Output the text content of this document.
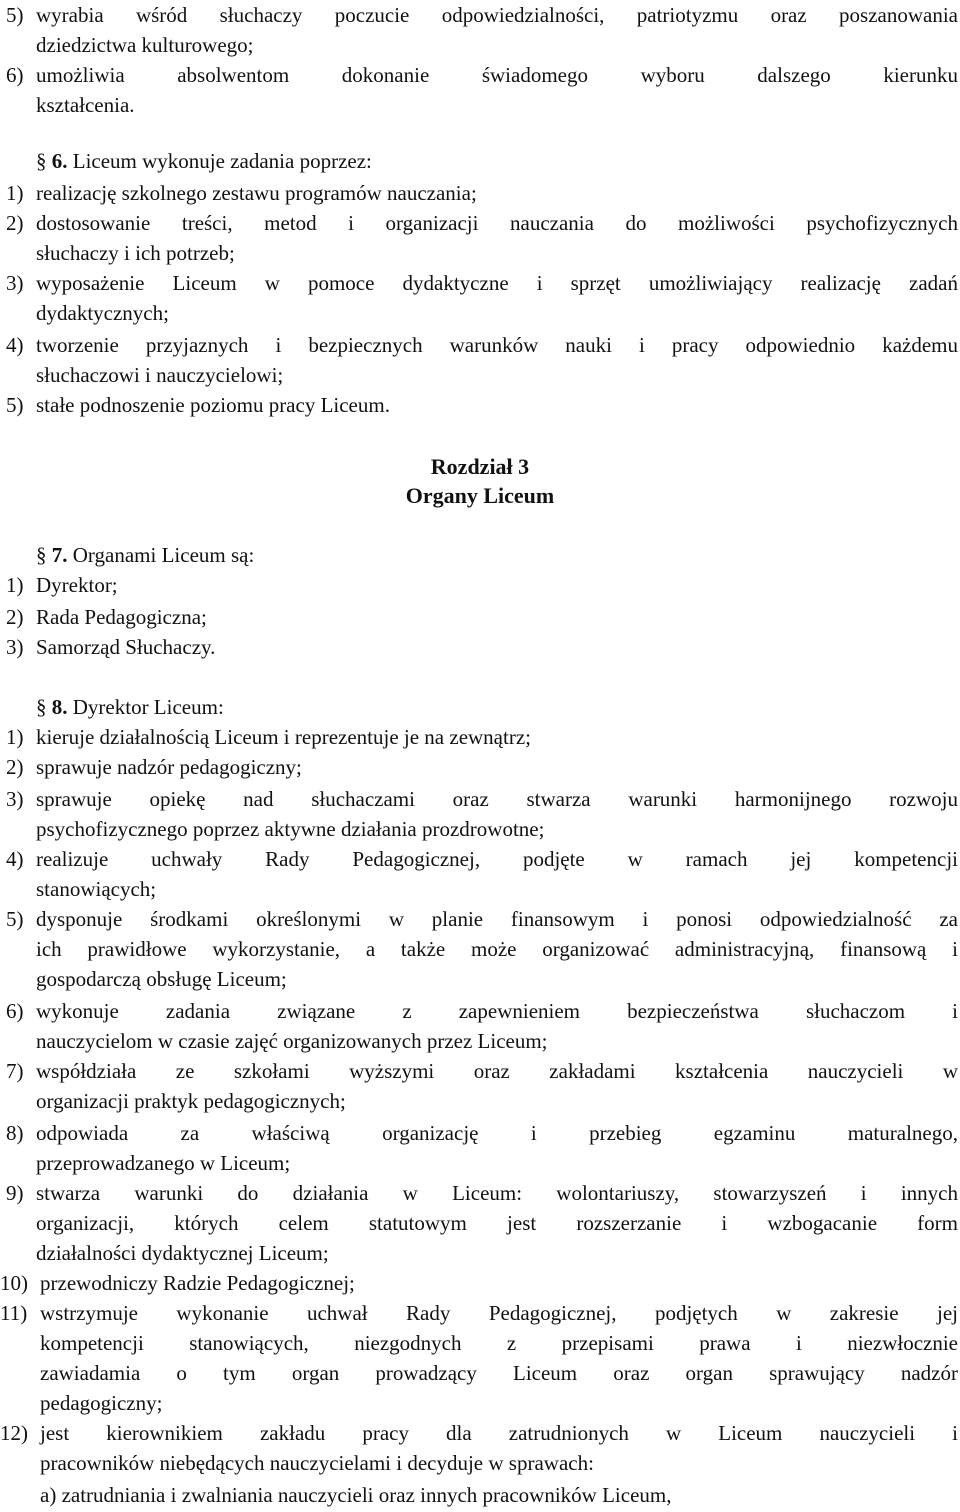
5) wyrabia wśród słuchaczy poczucie odpowiedzialności, patriotyzmu oraz poszanowania
dziedzictwa kulturowego;
6) umożliwia absolwentom dokonanie świadomego wyboru dalszego kierunku
kształcenia.
§ 6. Liceum wykonuje zadania poprzez:
1) realizację szkolnego zestawu programów nauczania;
2) dostosowanie treści, metod i organizacji nauczania do możliwości psychofizycznych
słuchaczy i ich potrzeb;
3) wyposażenie Liceum w pomoce dydaktyczne i sprzęt umożliwiający realizację zadań
dydaktycznych;
4) tworzenie przyjaznych i bezpiecznych warunków nauki i pracy odpowiednio każdemu
słuchaczowi i nauczycielowi;
5) stałe podnoszenie poziomu pracy Liceum.
Rozdział 3
Organy Liceum
§ 7. Organami Liceum są:
1) Dyrektor;
2) Rada Pedagogiczna;
3) Samorząd Słuchaczy.
§ 8. Dyrektor Liceum:
1) kieruje działalnością Liceum i reprezentuje je na zewnątrz;
2) sprawuje nadzór pedagogiczny;
3) sprawuje opiekę nad słuchaczami oraz stwarza warunki harmonijnego rozwoju
psychofizycznego poprzez aktywne działania prozdrowotne;
4) realizuje uchwały Rady Pedagogicznej, podjęte w ramach jej kompetencji
stanowiących;
5) dysponuje środkami określonymi w planie finansowym i ponosi odpowiedzialność za
ich prawidłowe wykorzystanie, a także może organizować administracyjną, finansową i
gospodarczą obsługę Liceum;
6) wykonuje zadania związane z zapewnieniem bezpieczeństwa słuchaczom i
nauczycielom w czasie zajęć organizowanych przez Liceum;
7) współdziała ze szkołami wyższymi oraz zakładami kształcenia nauczycieli w
organizacji praktyk pedagogicznych;
8) odpowiada za właściwą organizację i przebieg egzaminu maturalnego,
przeprowadzanego w Liceum;
9) stwarza warunki do działania w Liceum: wolontariuszy, stowarzyszeń i innych
organizacji, których celem statutowym jest rozszerzanie i wzbogacanie form
działalności dydaktycznej Liceum;
10) przewodniczy Radzie Pedagogicznej;
11) wstrzymuje wykonanie uchwał Rady Pedagogicznej, podjętych w zakresie jej
kompetencji stanowiących, niezgodnych z przepisami prawa i niezwłocznie
zawiadamia o tym organ prowadzący Liceum oraz organ sprawujący nadzór
pedagogiczny;
12) jest kierownikiem zakładu pracy dla zatrudnionych w Liceum nauczycieli i
pracowników niebędących nauczycielami i decyduje w sprawach:
a) zatrudniania i zwalniania nauczycieli oraz innych pracowników Liceum,
